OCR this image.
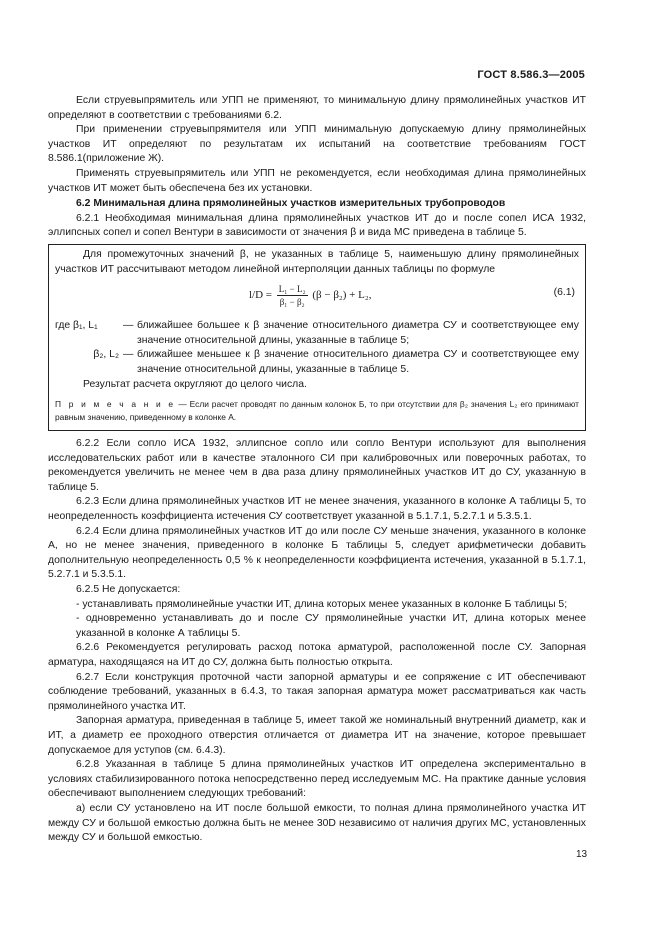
ГОСТ 8.586.3—2005

Если струевыпрямитель или УПП не применяют, то минимальную длину прямолинейных участков ИТ определяют в соответствии с требованиями 6.2.

При применении струевыпрямителя или УПП минимальную допускаемую длину прямолинейных участков ИТ определяют по результатам их испытаний на соответствие требованиям ГОСТ 8.586.1(приложение Ж).

Применять струевыпрямитель или УПП не рекомендуется, если необходимая длина прямолинейных участков ИТ может быть обеспечена без их установки.

6.2 Минимальная длина прямолинейных участков измерительных трубопроводов

6.2.1 Необходимая минимальная длина прямолинейных участков ИТ до и после сопел ИСА 1932, эллипсных сопел и сопел Вентури в зависимости от значения β и вида МС приведена в таблице 5.

Для промежуточных значений β, не указанных в таблице 5, наименьшую длину прямолинейных участков ИТ рассчитывают методом линейной интерполяции данных таблицы по формуле

$l/D = \frac{\text{L₁ − L₂}}{\text{β₁ − β₂}} (\beta - \beta_2) + L_2$,	(6.1)
где β₁, L₁	— ближайшее большее к β значение относительного диаметра СУ и соответствующее ему значение относительной длины, указанные в таблице 5;
β₂, L₂ — ближайшее меньшее к β значение относительного диаметра СУ и соответствующее ему значение относительной длины, указанные в таблице 5.

Результат расчета округляют до целого числа.

П р и м е ч а н и е — Если расчет проводят по данным колонок Б, то при отсутствии для β₂ значения L₂ его принимают равным значению, приведенному в колонке А.

6.2.2 Если сопло ИСА 1932, эллипсное сопло или сопло Вентури используют для выполнения исследовательских работ или в качестве эталонного СИ при калибровочных или поверочных работах, то рекомендуется увеличить не менее чем в два раза длину прямолинейных участков ИТ до СУ, указанную в таблице 5.

6.2.3 Если длина прямолинейных участков ИТ не менее значения, указанного в колонке А таблицы 5, то неопределенность коэффициента истечения СУ соответствует указанной в 5.1.7.1, 5.2.7.1 и 5.3.5.1.

6.2.4 Если длина прямолинейных участков ИТ до или после СУ меньше значения, указанного в колонке А, но не менее значения, приведенного в колонке Б таблицы 5, следует арифметически добавить дополнительную неопределенность 0,5 % к неопределенности коэффициента истечения, указанной в 5.1.7.1, 5.2.7.1 и 5.3.5.1.

6.2.5 Не допускается:

- устанавливать прямолинейные участки ИТ, длина которых менее указанных в колонке Б таблицы 5;

- одновременно устанавливать до и после СУ прямолинейные участки ИТ, длина которых менее указанной в колонке А таблицы 5.

6.2.6 Рекомендуется регулировать расход потока арматурой, расположенной после СУ. Запорная арматура, находящаяся на ИТ до СУ, должна быть полностью открыта.

6.2.7 Если конструкция проточной части запорной арматуры и ее сопряжение с ИТ обеспечивают соблюдение требований, указанных в 6.4.3, то такая запорная арматура может рассматриваться как часть прямолинейного участка ИТ.

Запорная арматура, приведенная в таблице 5, имеет такой же номинальный внутренний диаметр, как и ИТ, а диаметр ее проходного отверстия отличается от диаметра ИТ на значение, которое превышает допускаемое для уступов (см. 6.4.3).

6.2.8 Указанная в таблице 5 длина прямолинейных участков ИТ определена экспериментально в условиях стабилизированного потока непосредственно перед исследуемым МС. На практике данные условия обеспечивают выполнением следующих требований:

а) если СУ установлено на ИТ после большой емкости, то полная длина прямолинейного участка ИТ между СУ и большой емкостью должна быть не менее 30D независимо от наличия других МС, установленных между СУ и большой емкостью.

13
